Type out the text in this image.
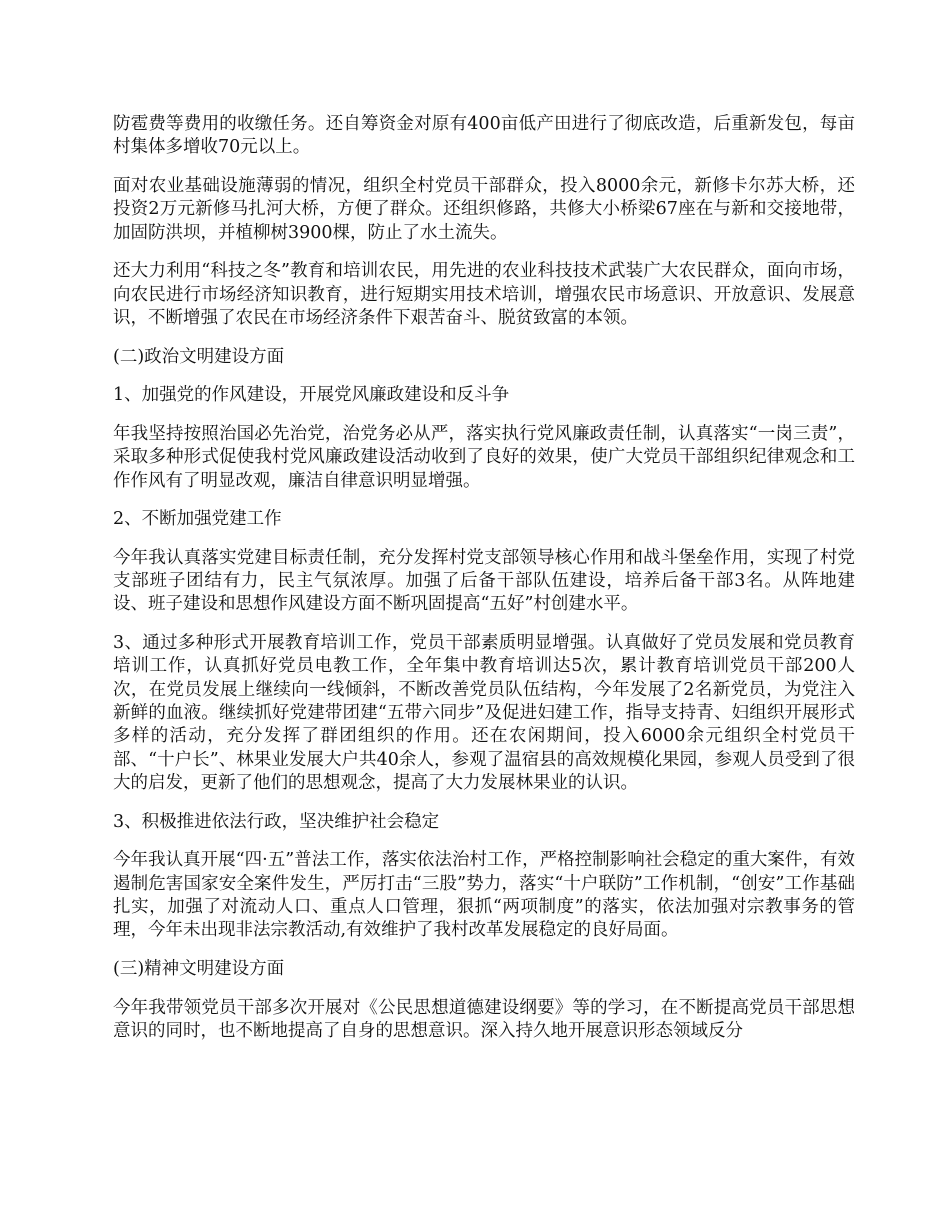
防雹费等费用的收缴任务。还自筹资金对原有400亩低产田进行了彻底改造，后重新发包，每亩村集体多增收70元以上。

面对农业基础设施薄弱的情况，组织全村党员干部群众，投入8000余元，新修卡尔苏大桥，还投资2万元新修马扎河大桥，方便了群众。还组织修路，共修大小桥梁67座在与新和交接地带，加固防洪坝，并植柳树3900棵，防止了水土流失。

还大力利用“科技之冬”教育和培训农民，用先进的农业科技技术武装广大农民群众，面向市场，向农民进行市场经济知识教育，进行短期实用技术培训，增强农民市场意识、开放意识、发展意识，不断增强了农民在市场经济条件下艰苦奋斗、脱贫致富的本领。

(二)政治文明建设方面

1、加强党的作风建设，开展党风廉政建设和反斗争

年我坚持按照治国必先治党，治党务必从严，落实执行党风廉政责任制，认真落实“一岗三责”，采取多种形式促使我村党风廉政建设活动收到了良好的效果，使广大党员干部组织纪律观念和工作作风有了明显改观，廉洁自律意识明显增强。

2、不断加强党建工作

今年我认真落实党建目标责任制，充分发挥村党支部领导核心作用和战斗堡垒作用，实现了村党支部班子团结有力，民主气氛浓厚。加强了后备干部队伍建设，培养后备干部3名。从阵地建设、班子建设和思想作风建设方面不断巩固提高“五好”村创建水平。

3、通过多种形式开展教育培训工作，党员干部素质明显增强。认真做好了党员发展和党员教育培训工作，认真抓好党员电教工作，全年集中教育培训达5次，累计教育培训党员干部200人次，在党员发展上继续向一线倾斜，不断改善党员队伍结构，今年发展了2名新党员，为党注入新鲜的血液。继续抓好党建带团建“五带六同步”及促进妇建工作，指导支持青、妇组织开展形式多样的活动，充分发挥了群团组织的作用。还在农闲期间，投入6000余元组织全村党员干部、“十户长”、林果业发展大户共40余人，参观了温宿县的高效规模化果园，参观人员受到了很大的启发，更新了他们的思想观念，提高了大力发展林果业的认识。

3、积极推进依法行政，坚决维护社会稳定

今年我认真开展“四·五”普法工作，落实依法治村工作，严格控制影响社会稳定的重大案件，有效遏制危害国家安全案件发生，严厉打击“三股”势力，落实“十户联防”工作机制，“创安”工作基础扎实，加强了对流动人口、重点人口管理，狠抓“两项制度”的落实，依法加强对宗教事务的管理，今年未出现非法宗教活动,有效维护了我村改革发展稳定的良好局面。

(三)精神文明建设方面

今年我带领党员干部多次开展对《公民思想道德建设纲要》等的学习，在不断提高党员干部思想意识的同时，也不断地提高了自身的思想意识。深入持久地开展意识形态领域反分
